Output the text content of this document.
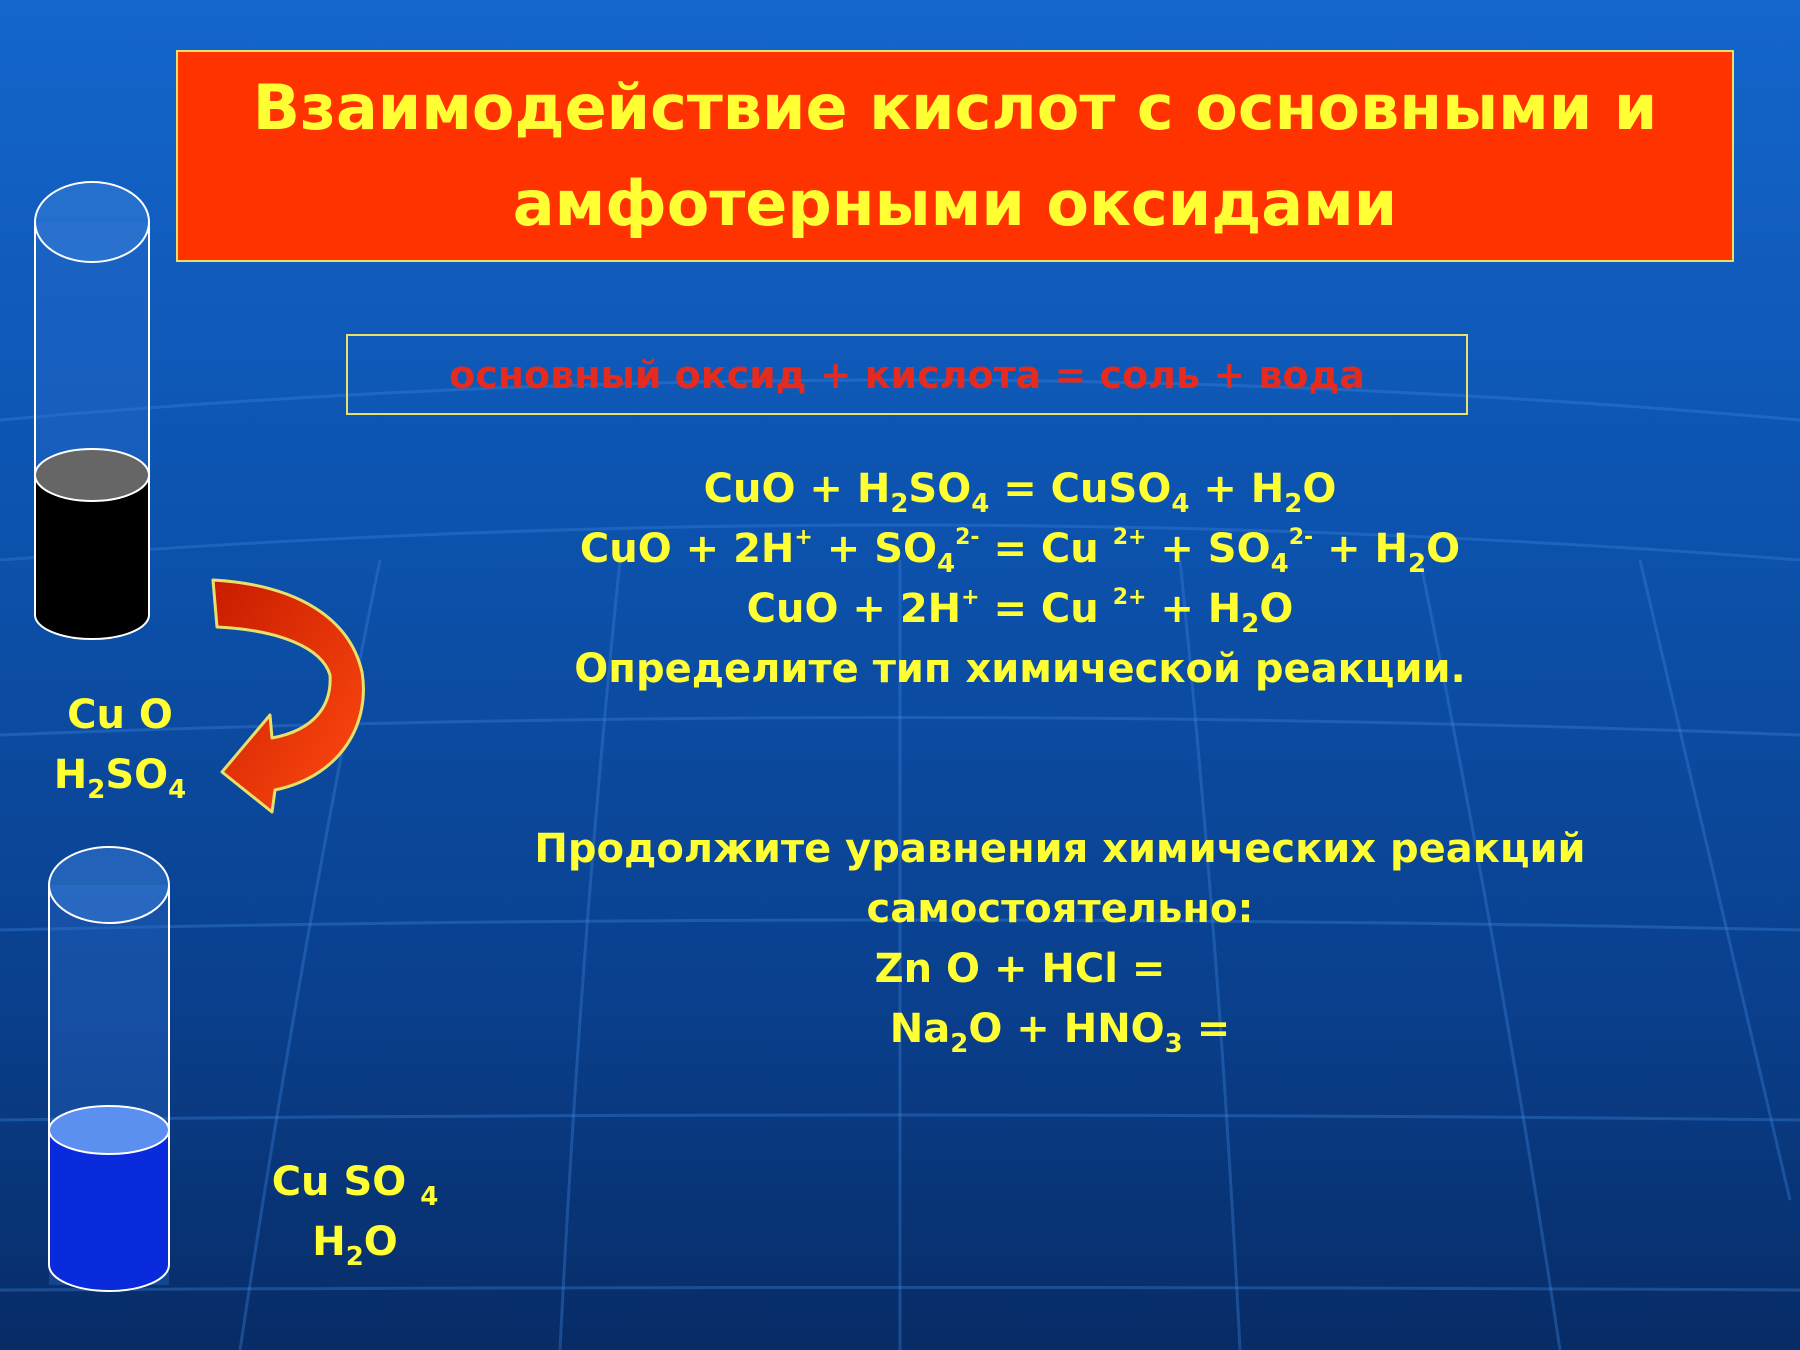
Взаимодействие кислот с основными и
амфотерными оксидами
основный оксид + кислота = соль + вода
CuO + $H_2SO_4$ = CuSO$_4$ + $H_2O$
CuO + $2H^+ + SO_4^{2-} = Cu$ $^{2+} + SO_4^{2-} + H_2O$
CuO + 2H+ = Cu $^{2+} + H_2O$
Определите тип химической реакции.
Продолжите уравнения химических реакций
самостоятельно:
Zn O + HCl =
$Na_2O + HNO_3$ =
Cu O
$H_2SO_4$
Cu SO $_4$
$H_2O$
